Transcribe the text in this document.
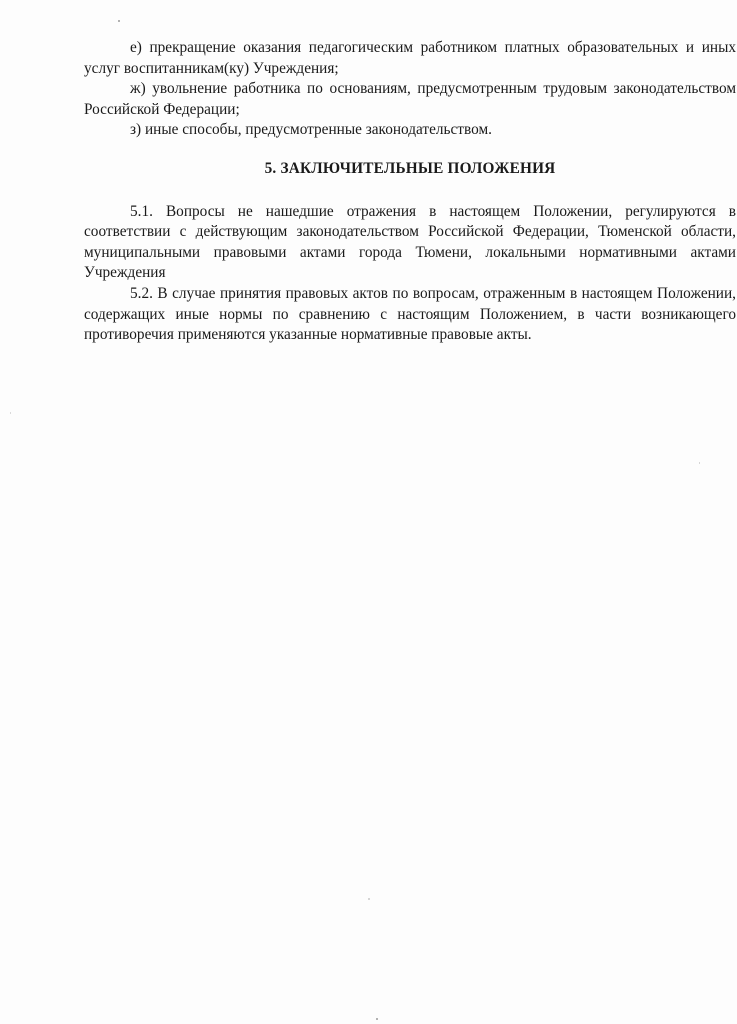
е) прекращение оказания педагогическим работником платных образовательных и иных услуг воспитанникам(ку) Учреждения;

ж) увольнение работника по основаниям, предусмотренным трудовым законодательством Российской Федерации;

з) иные способы, предусмотренные законодательством.

5. ЗАКЛЮЧИТЕЛЬНЫЕ ПОЛОЖЕНИЯ

5.1. Вопросы не нашедшие отражения в настоящем Положении, регулируются в соответствии с действующим законодательством Российской Федерации, Тюменской области, муниципальными правовыми актами города Тюмени, локальными нормативными актами Учреждения

5.2. В случае принятия правовых актов по вопросам, отраженным в настоящем Положении, содержащих иные нормы по сравнению с настоящим Положением, в части возникающего противоречия применяются указанные нормативные правовые акты.
